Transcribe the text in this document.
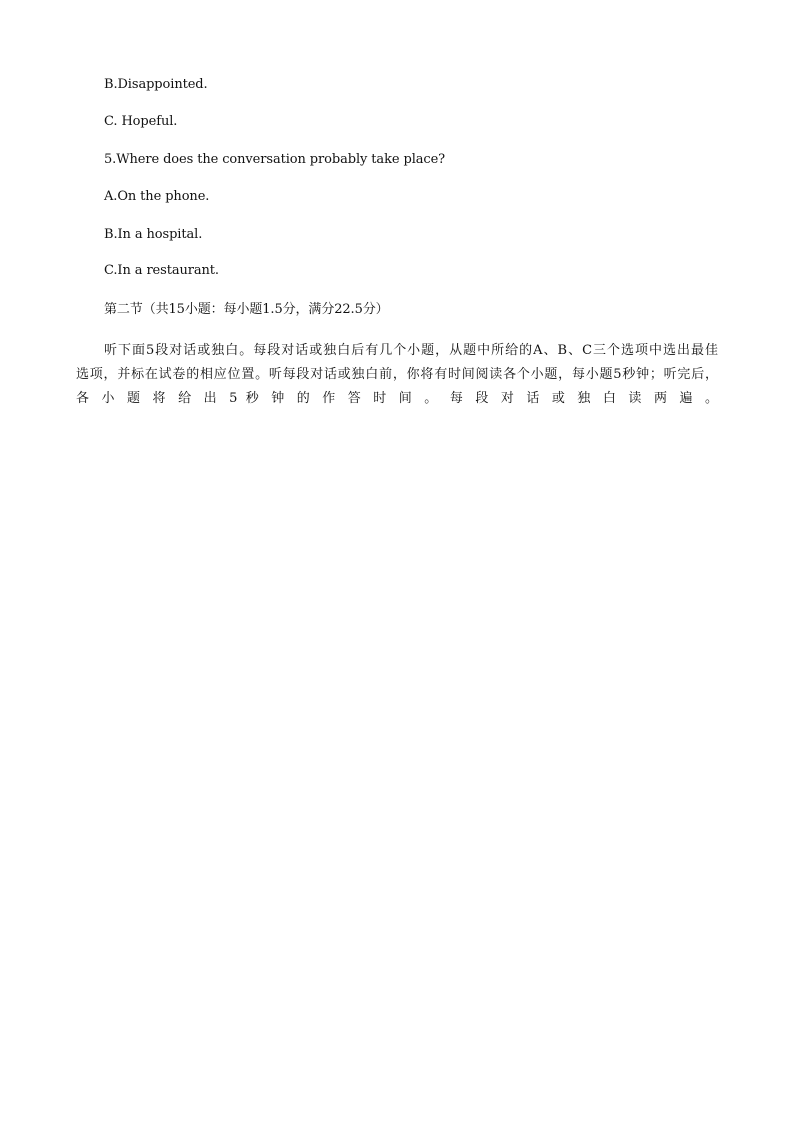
B.Disappointed.
C. Hopeful.
5.Where does the conversation probably take place?
A.On the phone.
B.In a hospital.
C.In a restaurant.
第二节（共15小题：每小题1.5分，满分22.5分）
听下面5段对话或独白。每段对话或独白后有几个小题，从题中所给的A、B、C三个选项中选出最佳
选项，并标在试卷的相应位置。听每段对话或独白前，你将有时间阅读各个小题，每小题5秒钟；听完后，
各 小 题 将 给 出 5 秒 钟 的 作 答 时 间 。 每 段 对 话 或 独 白 读 两 遍 。
